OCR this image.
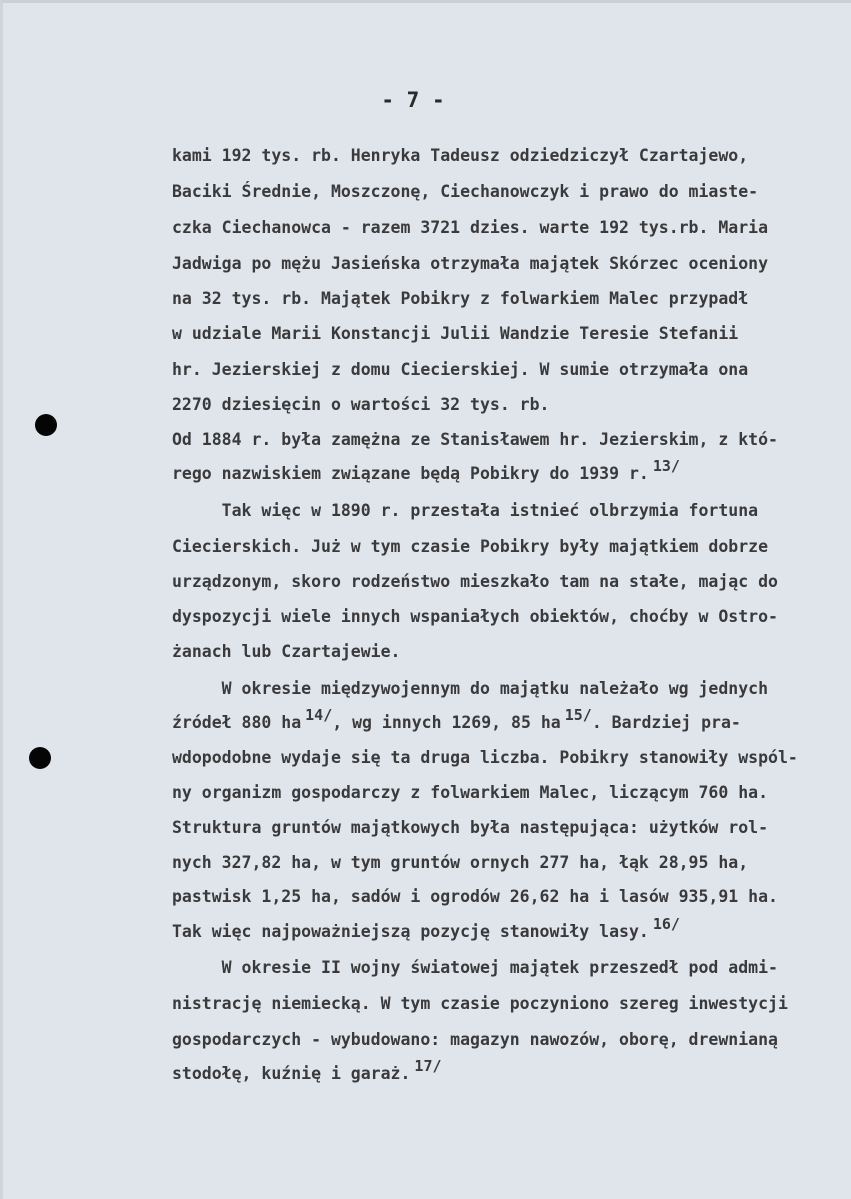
- 7 -
kami 192 tys. rb. Henryka Tadeusz odziedziczył Czartajewo,
Baciki Średnie, Moszczonę, Ciechanowczyk i prawo do miaste-
czka Ciechanowca - razem 3721 dzies. warte 192 tys.rb. Maria
Jadwiga po mężu Jasieńska otrzymała majątek Skórzec oceniony
na 32 tys. rb. Majątek Pobikry z folwarkiem Malec przypadł
w udziale Marii Konstancji Julii Wandzie Teresie Stefanii
hr. Jezierskiej z domu Ciecierskiej. W sumie otrzymała ona
2270 dziesięcin o wartości 32 tys. rb.
Od 1884 r. była zamężna ze Stanisławem hr. Jezierskim, z któ-
rego nazwiskiem związane będą Pobikry do 1939 r. 13/
Tak więc w 1890 r. przestała istnieć olbrzymia fortuna
Ciecierskich. Już w tym czasie Pobikry były majątkiem dobrze
urządzonym, skoro rodzeństwo mieszkało tam na stałe, mając do
dyspozycji wiele innych wspaniałych obiektów, choćby w Ostro-
żanach lub Czartajewie.
W okresie międzywojennym do majątku należało wg jednych
źródeł 880 ha 14/, wg innych 1269, 85 ha 15/. Bardziej pra-
wdopodobne wydaje się ta druga liczba. Pobikry stanowiły wspól-
ny organizm gospodarczy z folwarkiem Malec, liczącym 760 ha.
Struktura gruntów majątkowych była następująca: użytków rol-
nych 327,82 ha, w tym gruntów ornych 277 ha, łąk 28,95 ha,
pastwisk 1,25 ha, sadów i ogrodów 26,62 ha i lasów 935,91 ha.
Tak więc najpoważniejszą pozycję stanowiły lasy. 16/
W okresie II wojny światowej majątek przeszedł pod admi-
nistrację niemiecką. W tym czasie poczyniono szereg inwestycji
gospodarczych - wybudowano: magazyn nawozów, oborę, drewnianą
stodołę, kuźnię i garaż. 17/
